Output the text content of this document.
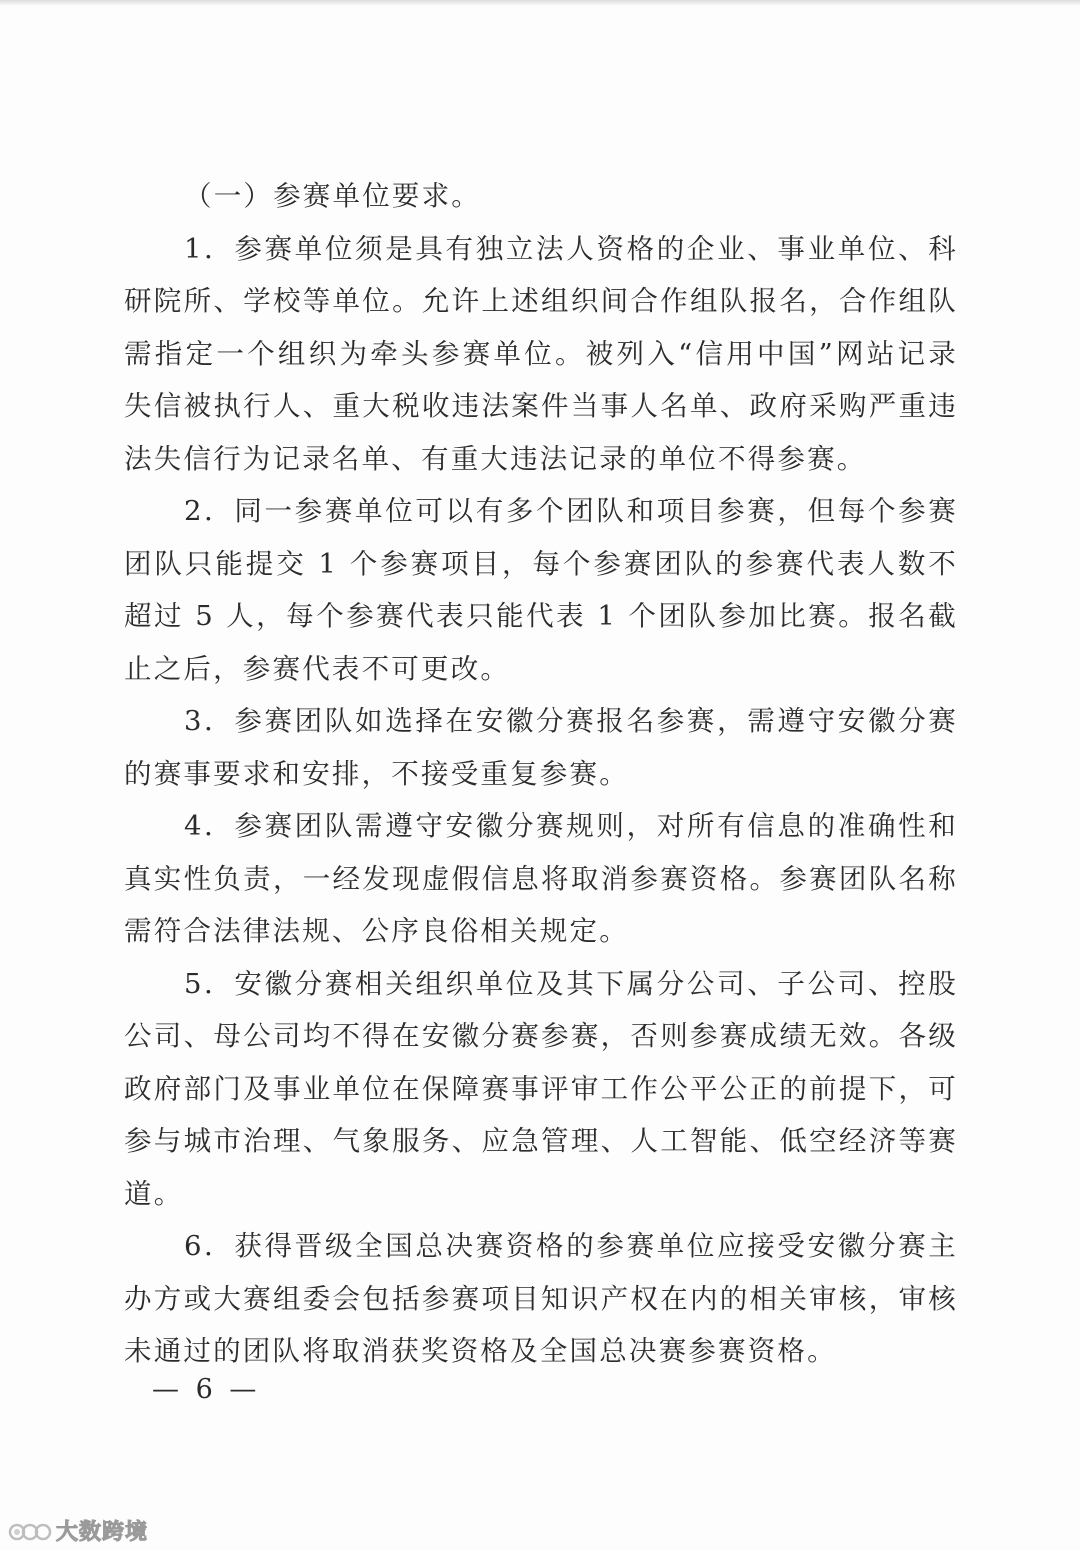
（一）参赛单位要求。

1．参赛单位须是具有独立法人资格的企业、事业单位、科研院所、学校等单位。允许上述组织间合作组队报名，合作组队需指定一个组织为牵头参赛单位。被列入“信用中国”网站记录失信被执行人、重大税收违法案件当事人名单、政府采购严重违法失信行为记录名单、有重大违法记录的单位不得参赛。

2．同一参赛单位可以有多个团队和项目参赛，但每个参赛团队只能提交 1 个参赛项目，每个参赛团队的参赛代表人数不超过 5 人，每个参赛代表只能代表 1 个团队参加比赛。报名截止之后，参赛代表不可更改。

3．参赛团队如选择在安徽分赛报名参赛，需遵守安徽分赛的赛事要求和安排，不接受重复参赛。

4．参赛团队需遵守安徽分赛规则，对所有信息的准确性和真实性负责，一经发现虚假信息将取消参赛资格。参赛团队名称需符合法律法规、公序良俗相关规定。

5．安徽分赛相关组织单位及其下属分公司、子公司、控股公司、母公司均不得在安徽分赛参赛，否则参赛成绩无效。各级政府部门及事业单位在保障赛事评审工作公平公正的前提下，可参与城市治理、气象服务、应急管理、人工智能、低空经济等赛道。

6．获得晋级全国总决赛资格的参赛单位应接受安徽分赛主办方或大赛组委会包括参赛项目知识产权在内的相关审核，审核未通过的团队将取消获奖资格及全国总决赛参赛资格。

— 6 —
大数跨境
